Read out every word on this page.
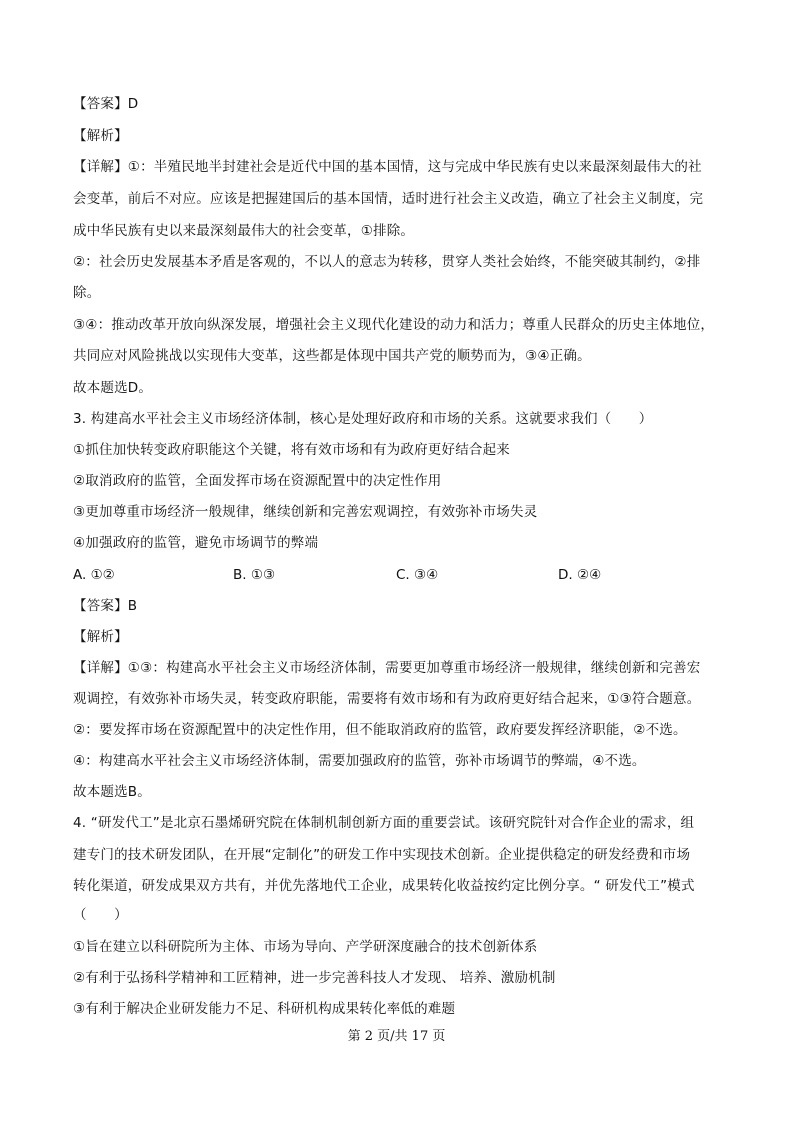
【答案】D
【解析】
【详解】①：半殖民地半封建社会是近代中国的基本国情，这与完成中华民族有史以来最深刻最伟大的社
会变革，前后不对应。应该是把握建国后的基本国情，适时进行社会主义改造，确立了社会主义制度，完
成中华民族有史以来最深刻最伟大的社会变革，①排除。
②：社会历史发展基本矛盾是客观的，不以人的意志为转移，贯穿人类社会始终，不能突破其制约，②排
除。
③④：推动改革开放向纵深发展，增强社会主义现代化建设的动力和活力；尊重人民群众的历史主体地位，
共同应对风险挑战以实现伟大变革，这些都是体现中国共产党的顺势而为，③④正确。
故本题选D。
3. 构建高水平社会主义市场经济体制，核心是处理好政府和市场的关系。这就要求我们（　　）
①抓住加快转变政府职能这个关键，将有效市场和有为政府更好结合起来
②取消政府的监管，全面发挥市场在资源配置中的决定性作用
③更加尊重市场经济一般规律，继续创新和完善宏观调控，有效弥补市场失灵
④加强政府的监管，避免市场调节的弊端
A. ①②	B. ①③	C. ③④	D. ②④
【答案】B
【解析】
【详解】①③：构建高水平社会主义市场经济体制，需要更加尊重市场经济一般规律，继续创新和完善宏
观调控，有效弥补市场失灵，转变政府职能，需要将有效市场和有为政府更好结合起来，①③符合题意。
②：要发挥市场在资源配置中的决定性作用，但不能取消政府的监管，政府要发挥经济职能，②不选。
④：构建高水平社会主义市场经济体制，需要加强政府的监管，弥补市场调节的弊端，④不选。
故本题选B。
4. “研发代工”是北京石墨烯研究院在体制机制创新方面的重要尝试。该研究院针对合作企业的需求，组
建专门的技术研发团队，在开展“定制化”的研发工作中实现技术创新。企业提供稳定的研发经费和市场
转化渠道，研发成果双方共有，并优先落地代工企业，成果转化收益按约定比例分享。“ 研发代工”模式
（　　）
①旨在建立以科研院所为主体、市场为导向、产学研深度融合的技术创新体系
②有利于弘扬科学精神和工匠精神，进一步完善科技人才发现、 培养、激励机制
③有利于解决企业研发能力不足、科研机构成果转化率低的难题
第 2 页/共 17 页
